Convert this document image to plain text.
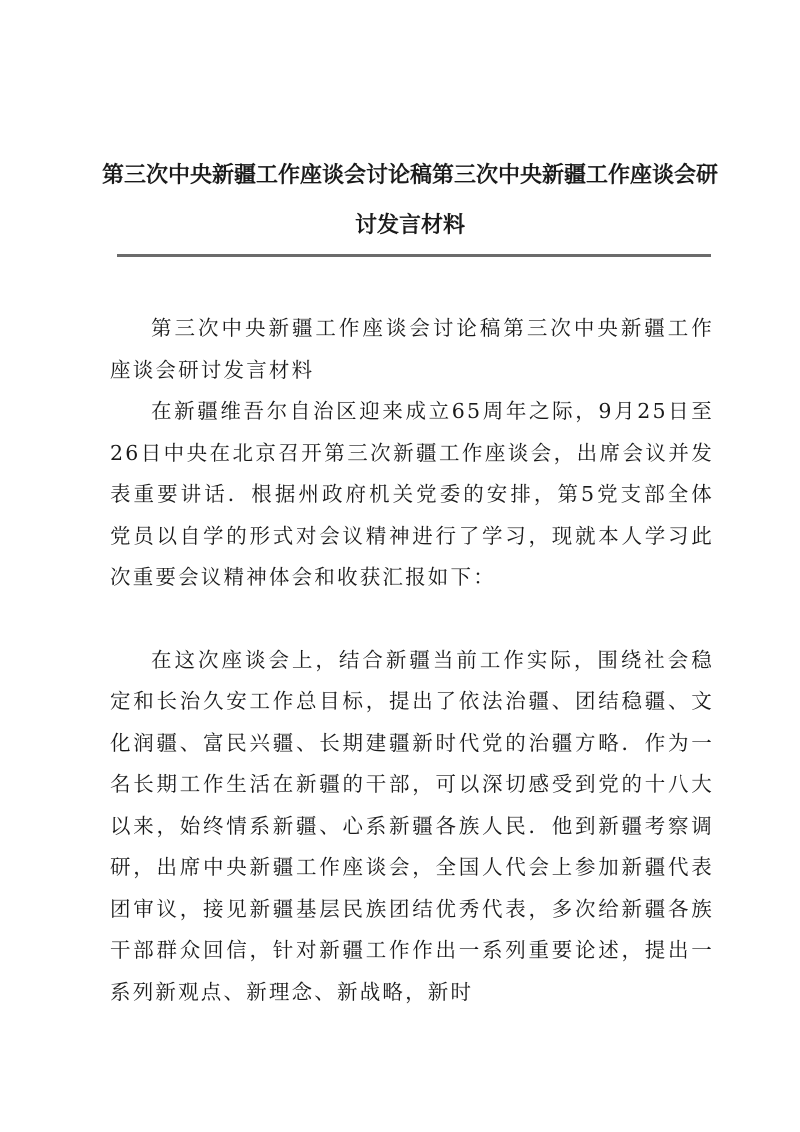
第三次中央新疆工作座谈会讨论稿第三次中央新疆工作座谈会研讨发言材料

第三次中央新疆工作座谈会讨论稿第三次中央新疆工作座谈会研讨发言材料

在新疆维吾尔自治区迎来成立65周年之际，9月25日至26日中央在北京召开第三次新疆工作座谈会，出席会议并发表重要讲话．根据州政府机关党委的安排，第5党支部全体党员以自学的形式对会议精神进行了学习，现就本人学习此次重要会议精神体会和收获汇报如下：

在这次座谈会上，结合新疆当前工作实际，围绕社会稳定和长治久安工作总目标，提出了依法治疆、团结稳疆、文化润疆、富民兴疆、长期建疆新时代党的治疆方略．作为一名长期工作生活在新疆的干部，可以深切感受到党的十八大以来，始终情系新疆、心系新疆各族人民．他到新疆考察调研，出席中央新疆工作座谈会，全国人代会上参加新疆代表团审议，接见新疆基层民族团结优秀代表，多次给新疆各族干部群众回信，针对新疆工作作出一系列重要论述，提出一系列新观点、新理念、新战略，新时
